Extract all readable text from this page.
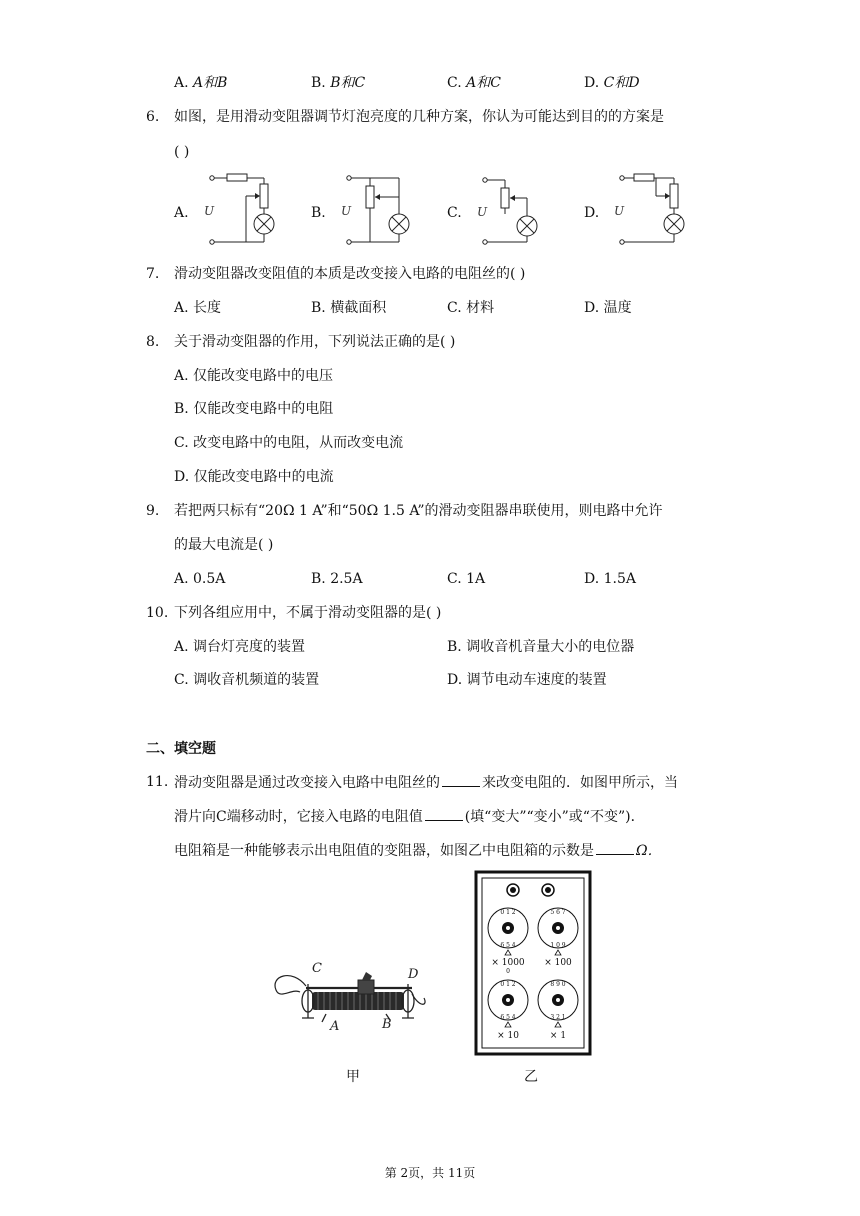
A. A和B	B. B和C	C. A和C	D. C和D
6. 如图，是用滑动变阻器调节灯泡亮度的几种方案，你认为可能达到目的的方案是
( )
A.	B.	C.	D.
U	U	U	U
7. 滑动变阻器改变阻值的本质是改变接入电路的电阻丝的( )
A. 长度	B. 横截面积	C. 材料	D. 温度
8. 关于滑动变阻器的作用，下列说法正确的是( )
A. 仅能改变电路中的电压
B. 仅能改变电路中的电阻
C. 改变电路中的电阻，从而改变电流
D. 仅能改变电路中的电流
9. 若把两只标有“20Ω 1 A”和“50Ω 1.5 A”的滑动变阻器串联使用，则电路中允许
的最大电流是( )
A. 0.5A	B. 2.5A	C. 1A	D. 1.5A
10. 下列各组应用中，不属于滑动变阻器的是( )
A. 调台灯亮度的装置	B. 调收音机音量大小的电位器
C. 调收音机频道的装置	D. 调节电动车速度的装置
二、填空题
11. 滑动变阻器是通过改变接入电路中电阻丝的	来改变电阻的．如图甲所示，当
滑片向C端移动时，它接入电路的电阻值	(填“变大”“变小”或“不变”)．
电阻箱是一种能够表示出电阻值的变阻器，如图乙中电阻箱的示数是	Ω．
C	D
A	B
甲
0 1 2
6 5 4
5 6 7
1 0 9
× 1000 × 100
0
0 1 2
6 5 4
8 9 0
3 2 1
× 10	× 1
乙
第 2页，共 11页
